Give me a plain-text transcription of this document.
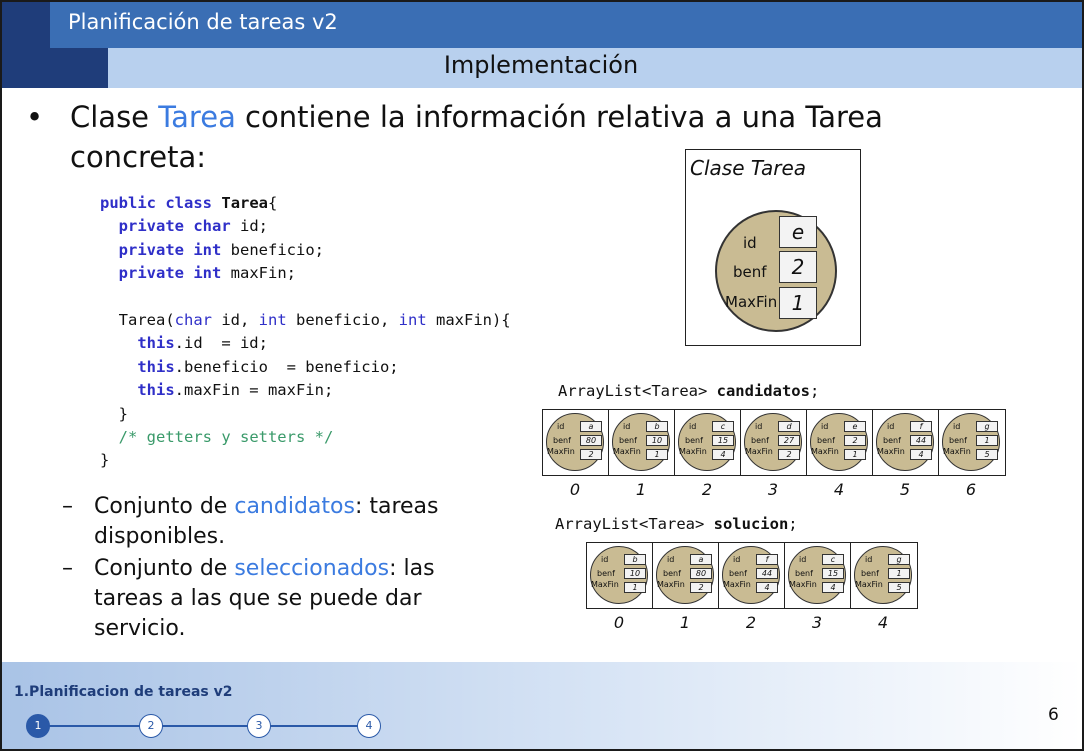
Planificación de tareas v2
Implementación
• Clase Tarea contiene la información relativa a una Tarea concreta:
public class Tarea{
private char id;
private int beneficio;
private int maxFin;

Tarea(char id, int beneficio, int maxFin){
this.id  = id;
this.beneficio  = beneficio;
this.maxFin = maxFin;
}
/* getters y setters */
}
– Conjunto de candidatos: tareas disponibles.
– Conjunto de seleccionados: las tareas a las que se puede dar servicio.
Clase Tarea
id
benf
MaxFin
e
2
1
ArrayList<Tarea> candidatos;
id
benf
MaxFin
a
80
2
id
benf
MaxFin
b
10
1
id
benf
MaxFin
c
15
4
id
benf
MaxFin
d
27
2
id
benf
MaxFin
e
2
1
id
benf
MaxFin
f
44
4
id
benf
MaxFin
g
1
5
0	1	2	3	4	5	6
ArrayList<Tarea> solucion;
id
benf
MaxFin
b
10
1
id
benf
MaxFin
a
80
2
id
benf
MaxFin
f
44
4
id
benf
MaxFin
c
15
4
id
benf
MaxFin
g
1
5
0	1	2	3	4
1.Planificacion de tareas v2
1	2	3	4
6
